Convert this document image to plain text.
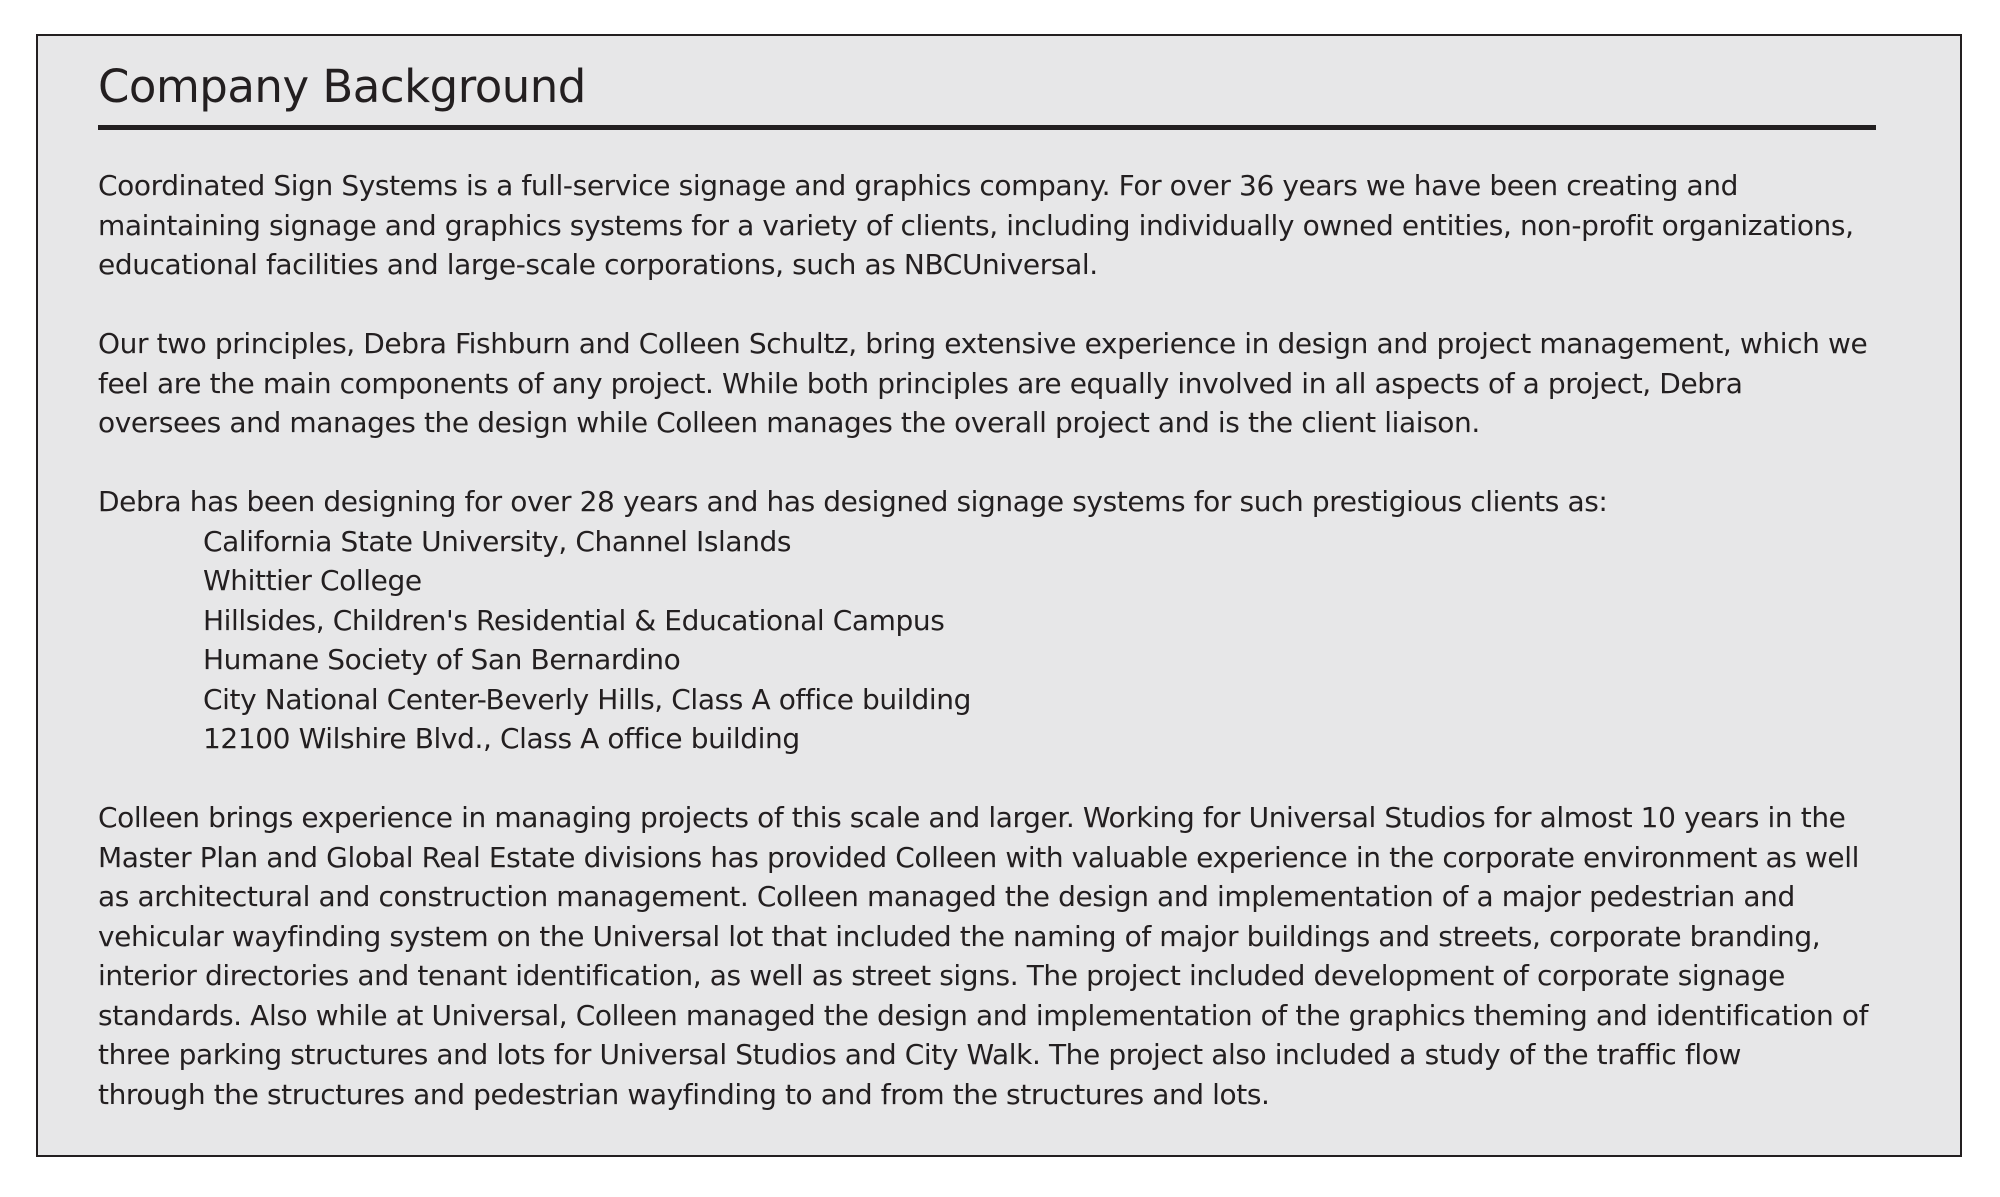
Company Background

Coordinated Sign Systems is a full-service signage and graphics company. For over 36 years we have been creating and
maintaining signage and graphics systems for a variety of clients, including individually owned entities, non-profit organizations,
educational facilities and large-scale corporations, such as NBCUniversal.

Our two principles, Debra Fishburn and Colleen Schultz, bring extensive experience in design and project management, which we
feel are the main components of any project. While both principles are equally involved in all aspects of a project, Debra
oversees and manages the design while Colleen manages the overall project and is the client liaison.

Debra has been designing for over 28 years and has designed signage systems for such prestigious clients as:
California State University, Channel Islands
Whittier College
Hillsides, Children's Residential & Educational Campus
Humane Society of San Bernardino
City National Center-Beverly Hills, Class A office building
12100 Wilshire Blvd., Class A office building

Colleen brings experience in managing projects of this scale and larger. Working for Universal Studios for almost 10 years in the
Master Plan and Global Real Estate divisions has provided Colleen with valuable experience in the corporate environment as well
as architectural and construction management. Colleen managed the design and implementation of a major pedestrian and
vehicular wayfinding system on the Universal lot that included the naming of major buildings and streets, corporate branding,
interior directories and tenant identification, as well as street signs. The project included development of corporate signage
standards. Also while at Universal, Colleen managed the design and implementation of the graphics theming and identification of
three parking structures and lots for Universal Studios and City Walk. The project also included a study of the traffic flow
through the structures and pedestrian wayfinding to and from the structures and lots.
